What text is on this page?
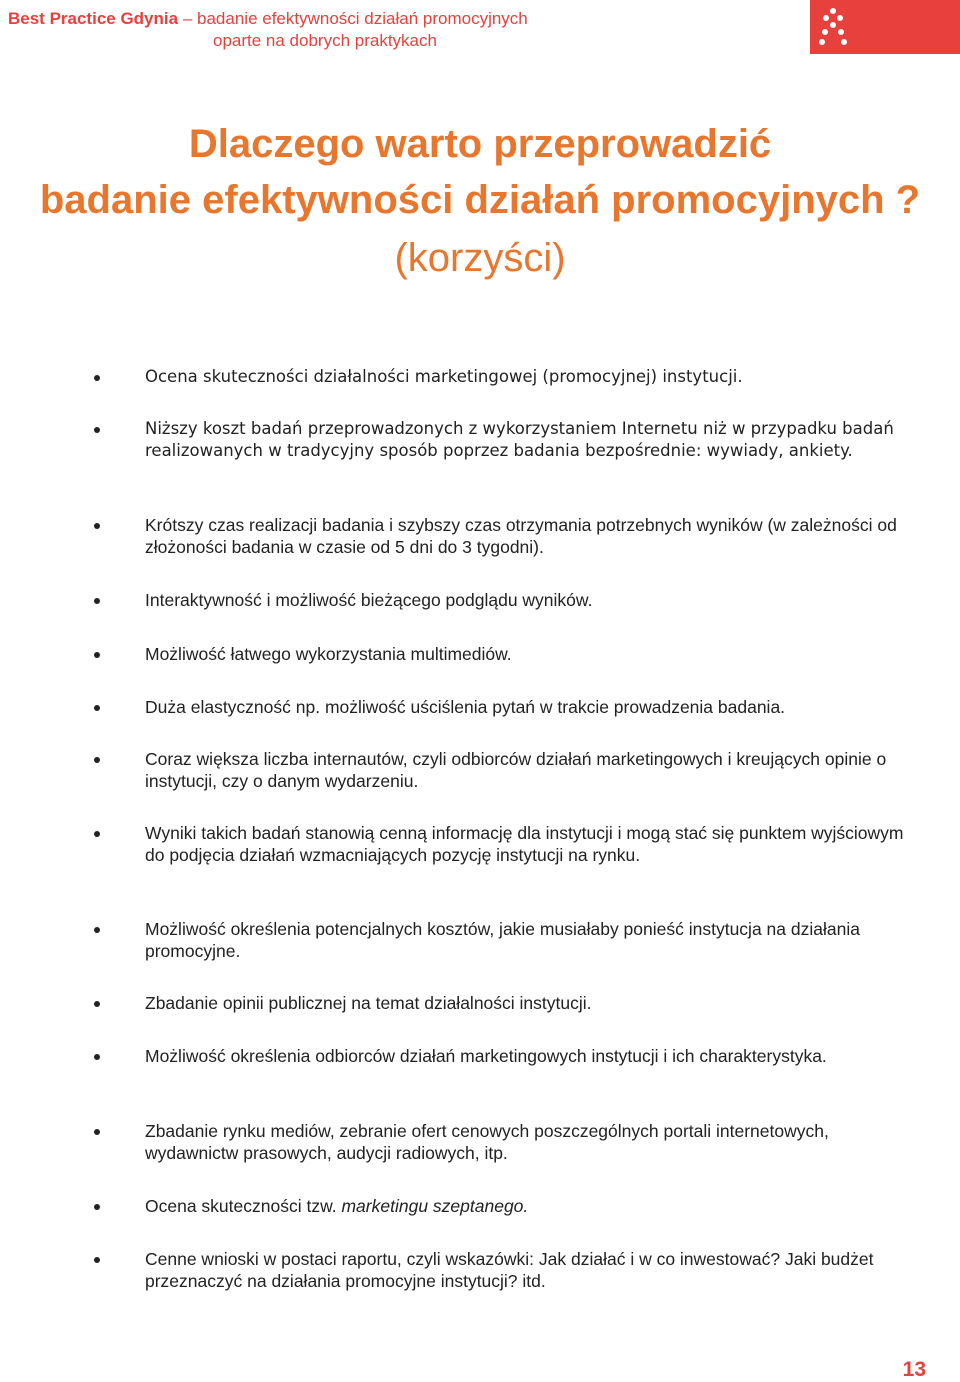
Best Practice Gdynia – badanie efektywności działań promocyjnych
oparte na dobrych praktykach
Dlaczego warto przeprowadzić
badanie efektywności działań promocyjnych ?
(korzyści)
Ocena skuteczności działalności marketingowej (promocyjnej) instytucji.
Niższy koszt badań przeprowadzonych z wykorzystaniem Internetu niż w przypadku badań realizowanych w tradycyjny sposób poprzez badania bezpośrednie: wywiady, ankiety.
Krótszy czas realizacji badania i szybszy czas otrzymania potrzebnych wyników (w zależności od złożoności badania w czasie od 5 dni do 3 tygodni).
Interaktywność i możliwość bieżącego podglądu wyników.
Możliwość łatwego wykorzystania multimediów.
Duża elastyczność np. możliwość uściślenia pytań w trakcie prowadzenia badania.
Coraz większa liczba internautów, czyli odbiorców działań marketingowych i kreujących opinie o instytucji, czy o danym wydarzeniu.
Wyniki takich badań stanowią cenną informację dla instytucji i mogą stać się punktem wyjściowym do podjęcia działań wzmacniających pozycję instytucji na rynku.
Możliwość określenia potencjalnych kosztów, jakie musiałaby ponieść instytucja na działania promocyjne.
Zbadanie opinii publicznej na temat działalności instytucji.
Możliwość określenia odbiorców działań marketingowych instytucji i ich charakterystyka.
Zbadanie rynku mediów, zebranie ofert cenowych poszczególnych portali internetowych, wydawnictw prasowych, audycji radiowych, itp.
Ocena skuteczności tzw. marketingu szeptanego.
Cenne wnioski w postaci raportu, czyli wskazówki: Jak działać i w co inwestować? Jaki budżet przeznaczyć na działania promocyjne instytucji? itd.
13
